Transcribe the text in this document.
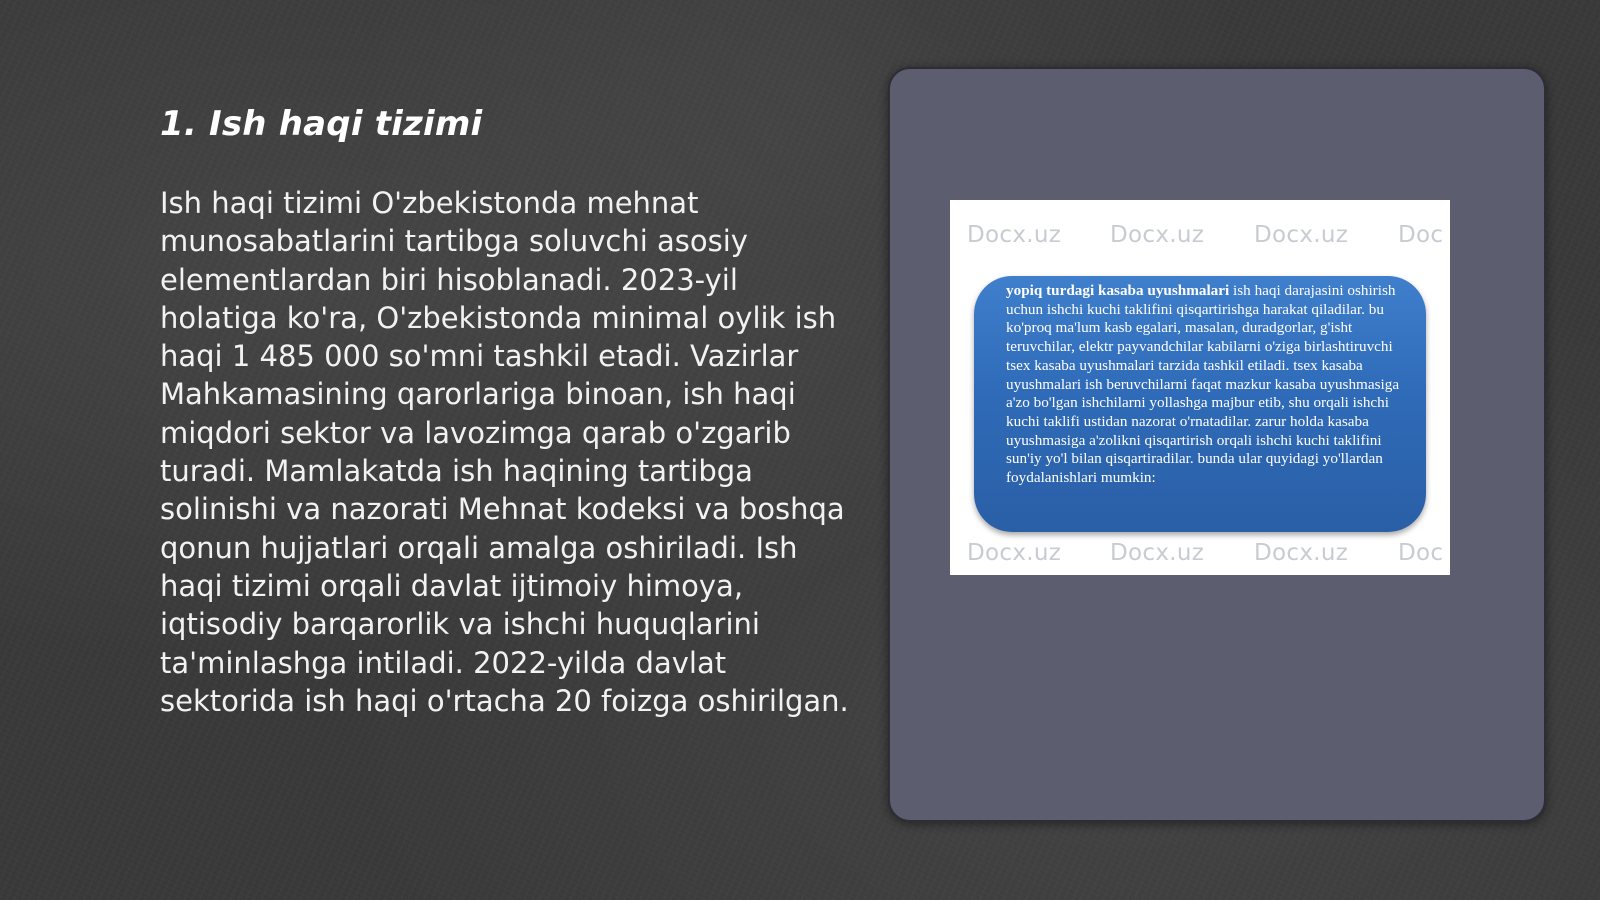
1. Ish haqi tizimi

Ish haqi tizimi O'zbekistonda mehnat munosabatlarini tartibga soluvchi asosiy elementlardan biri hisoblanadi. 2023-yil holatiga ko'ra, O'zbekistonda minimal oylik ish haqi 1 485 000 so'mni tashkil etadi. Vazirlar Mahkamasining qarorlariga binoan, ish haqi miqdori sektor va lavozimga qarab o'zgarib turadi. Mamlakatda ish haqining tartibga solinishi va nazorati Mehnat kodeksi va boshqa qonun hujjatlari orqali amalga oshiriladi. Ish haqi tizimi orqali davlat ijtimoiy himoya, iqtisodiy barqarorlik va ishchi huquqlarini ta'minlashga intiladi. 2022-yilda davlat sektorida ish haqi o'rtacha 20 foizga oshirilgan.

Docx.uz Docx.uz Docx.uz Doc
Docx.uz Docx.uz Docx.uz Doc
yopiq turdagi kasaba uyushmalari ish haqi darajasini oshirish uchun ishchi kuchi taklifini qisqartirishga harakat qiladilar. bu ko'proq ma'lum kasb egalari, masalan, duradgorlar, g'isht teruvchilar, elektr payvandchilar kabilarni o'ziga birlashtiruvchi tsex kasaba uyushmalari tarzida tashkil etiladi. tsex kasaba uyushmalari ish beruvchilarni faqat mazkur kasaba uyushmasiga a'zo bo'lgan ishchilarni yollashga majbur etib, shu orqali ishchi kuchi taklifi ustidan nazorat o'rnatadilar. zarur holda kasaba uyushmasiga a'zolikni qisqartirish orqali ishchi kuchi taklifini sun'iy yo'l bilan qisqartiradilar. bunda ular quyidagi yo'llardan foydalanishlari mumkin:
